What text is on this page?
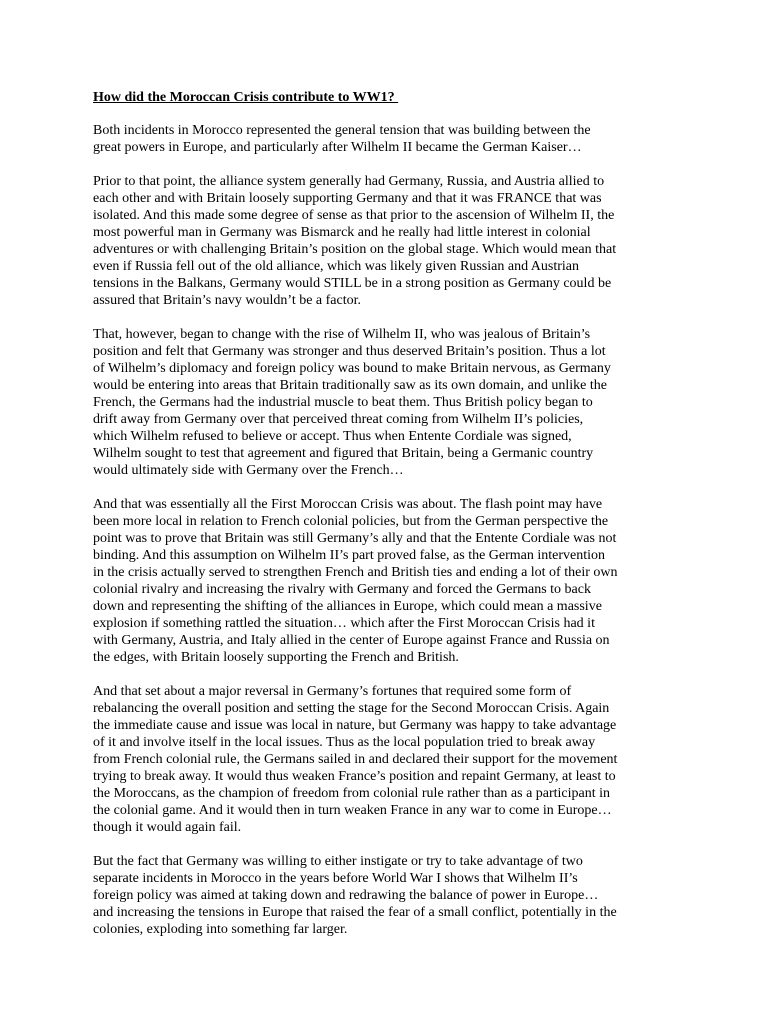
How did the Moroccan Crisis contribute to WW1?

Both incidents in Morocco represented the general tension that was building between the
great powers in Europe, and particularly after Wilhelm II became the German Kaiser…

Prior to that point, the alliance system generally had Germany, Russia, and Austria allied to
each other and with Britain loosely supporting Germany and that it was FRANCE that was
isolated. And this made some degree of sense as that prior to the ascension of Wilhelm II, the
most powerful man in Germany was Bismarck and he really had little interest in colonial
adventures or with challenging Britain’s position on the global stage. Which would mean that
even if Russia fell out of the old alliance, which was likely given Russian and Austrian
tensions in the Balkans, Germany would STILL be in a strong position as Germany could be
assured that Britain’s navy wouldn’t be a factor.

That, however, began to change with the rise of Wilhelm II, who was jealous of Britain’s
position and felt that Germany was stronger and thus deserved Britain’s position. Thus a lot
of Wilhelm’s diplomacy and foreign policy was bound to make Britain nervous, as Germany
would be entering into areas that Britain traditionally saw as its own domain, and unlike the
French, the Germans had the industrial muscle to beat them. Thus British policy began to
drift away from Germany over that perceived threat coming from Wilhelm II’s policies,
which Wilhelm refused to believe or accept. Thus when Entente Cordiale was signed,
Wilhelm sought to test that agreement and figured that Britain, being a Germanic country
would ultimately side with Germany over the French…

And that was essentially all the First Moroccan Crisis was about. The flash point may have
been more local in relation to French colonial policies, but from the German perspective the
point was to prove that Britain was still Germany’s ally and that the Entente Cordiale was not
binding. And this assumption on Wilhelm II’s part proved false, as the German intervention
in the crisis actually served to strengthen French and British ties and ending a lot of their own
colonial rivalry and increasing the rivalry with Germany and forced the Germans to back
down and representing the shifting of the alliances in Europe, which could mean a massive
explosion if something rattled the situation… which after the First Moroccan Crisis had it
with Germany, Austria, and Italy allied in the center of Europe against France and Russia on
the edges, with Britain loosely supporting the French and British.

And that set about a major reversal in Germany’s fortunes that required some form of
rebalancing the overall position and setting the stage for the Second Moroccan Crisis. Again
the immediate cause and issue was local in nature, but Germany was happy to take advantage
of it and involve itself in the local issues. Thus as the local population tried to break away
from French colonial rule, the Germans sailed in and declared their support for the movement
trying to break away. It would thus weaken France’s position and repaint Germany, at least to
the Moroccans, as the champion of freedom from colonial rule rather than as a participant in
the colonial game. And it would then in turn weaken France in any war to come in Europe…
though it would again fail.

But the fact that Germany was willing to either instigate or try to take advantage of two
separate incidents in Morocco in the years before World War I shows that Wilhelm II’s
foreign policy was aimed at taking down and redrawing the balance of power in Europe…
and increasing the tensions in Europe that raised the fear of a small conflict, potentially in the
colonies, exploding into something far larger.
